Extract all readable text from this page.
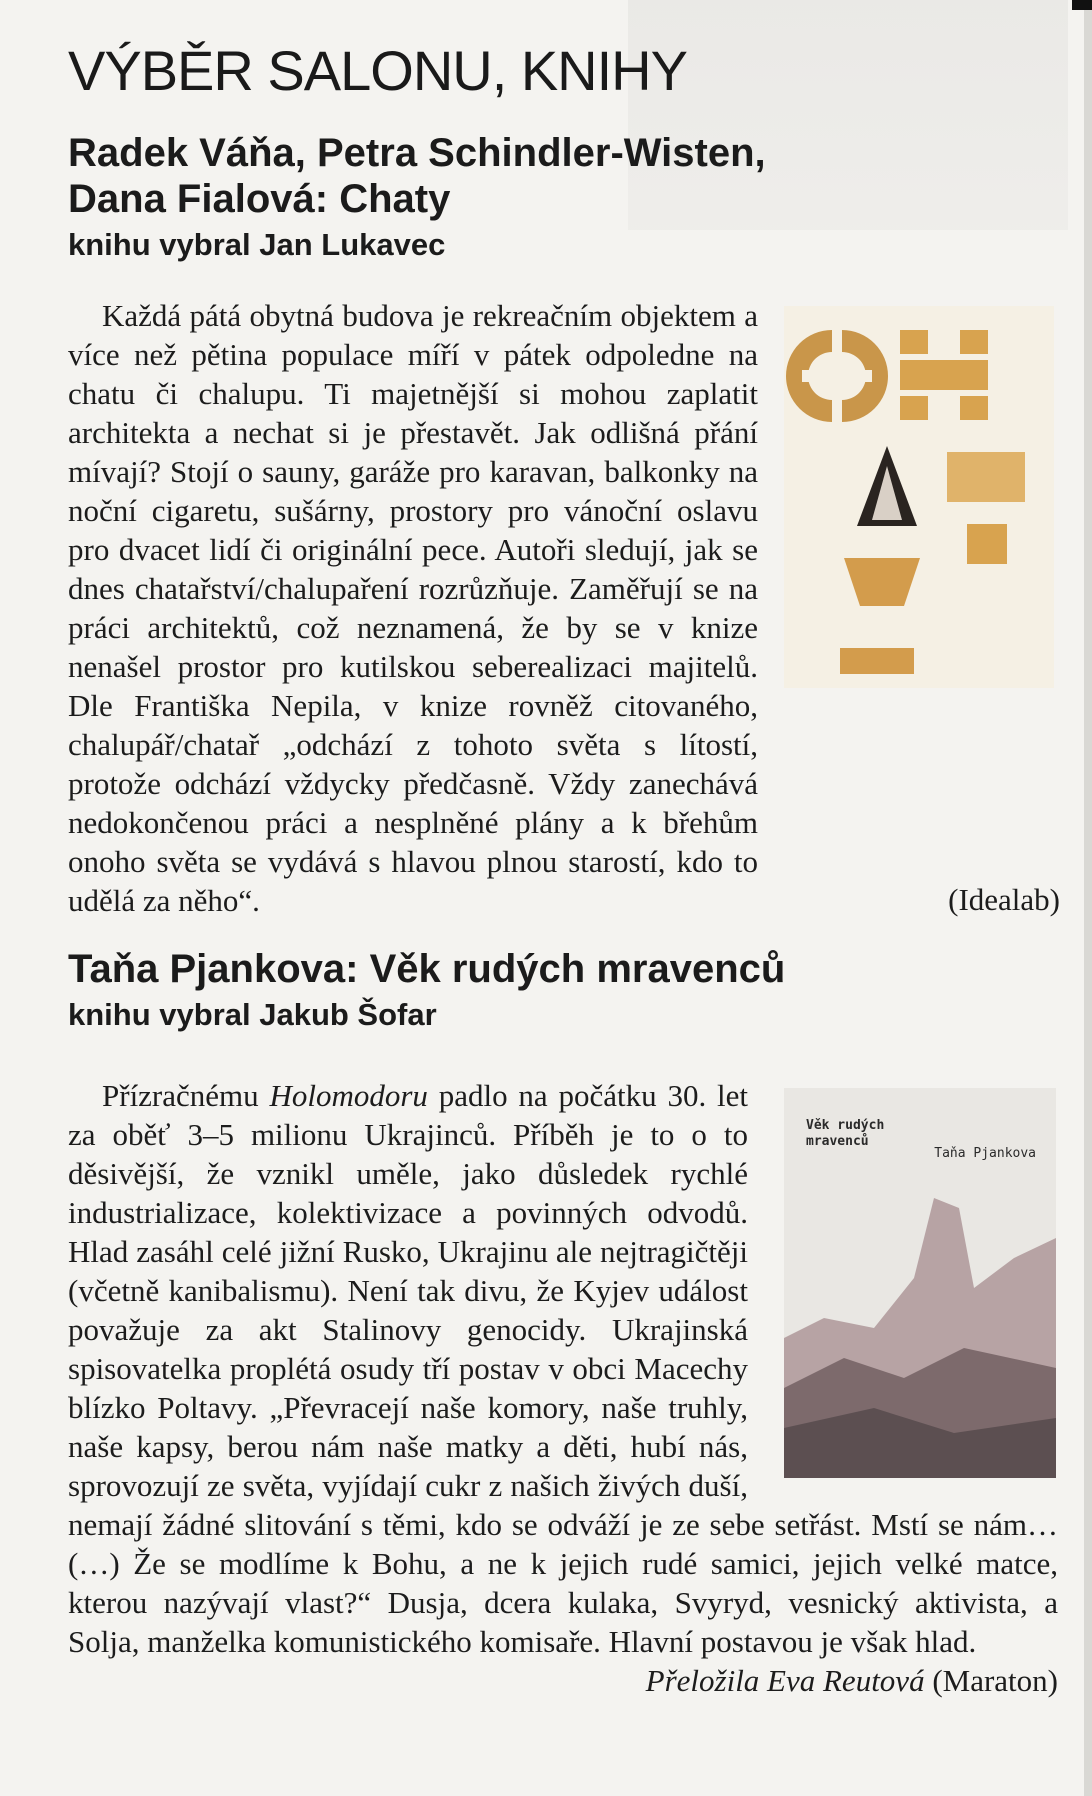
VÝBĚR SALONU, KNIHY
Radek Váňa, Petra Schindler-Wisten,
Dana Fialová: Chaty

knihu vybral Jan Lukavec

Každá pátá obytná budova je rekreačním objektem a více než pětina populace míří v pátek odpoledne na chatu či chalupu. Ti majetnější si mohou zaplatit architekta a nechat si je přestavět. Jak odlišná přání mívají? Stojí o sauny, garáže pro karavan, balkonky na noční cigaretu, sušárny, prostory pro vánoční oslavu pro dvacet lidí či originální pece. Autoři sledují, jak se dnes chatařství/chalupaření rozrůzňuje. Zaměřují se na práci architektů, což neznamená, že by se v knize nenašel prostor pro kutilskou seberealizaci majitelů. Dle Františka Nepila, v knize rovněž citovaného, chalupář/chatař „odchází z tohoto světa s lítostí, protože odchází vždycky předčasně. Vždy zanechává nedokončenou práci a nesplněné plány a k břehům onoho světa se vydává s hlavou plnou starostí, kdo to udělá za něho“.

Taňa Pjankova: Věk rudých mravenců

knihu vybral Jakub Šofar

Věk rudých
mravenců
Taňa Pjankova

Přízračnému Holomodoru padlo na počátku 30. let za oběť 3–5 milionu Ukrajinců. Příběh je to o to děsivější, že vznikl uměle, jako důsledek rychlé industrializace, kolektivizace a povinných odvodů. Hlad zasáhl celé jižní Rusko, Ukrajinu ale nejtragičtěji (včetně kanibalismu). Není tak divu, že Kyjev událost považuje za akt Stalinovy genocidy. Ukrajinská spisovatelka proplétá osudy tří postav v obci Macechy blízko Poltavy. „Převracejí naše komory, naše truhly, naše kapsy, berou nám naše matky a děti, hubí nás, sprovozují ze světa, vyjídají cukr z našich živých duší, nemají žádné slitování s těmi, kdo se odváží je ze sebe setřást. Mstí se nám… (…) Že se modlíme k Bohu, a ne k jejich rudé samici, jejich velké matce, kterou nazývají vlast?“ Dusja, dcera kulaka, Svyryd, vesnický aktivista, a Solja, manželka komunistického komisaře. Hlavní postavou je však hlad.
Přeložila Eva Reutová (Maraton)

(Idealab)
